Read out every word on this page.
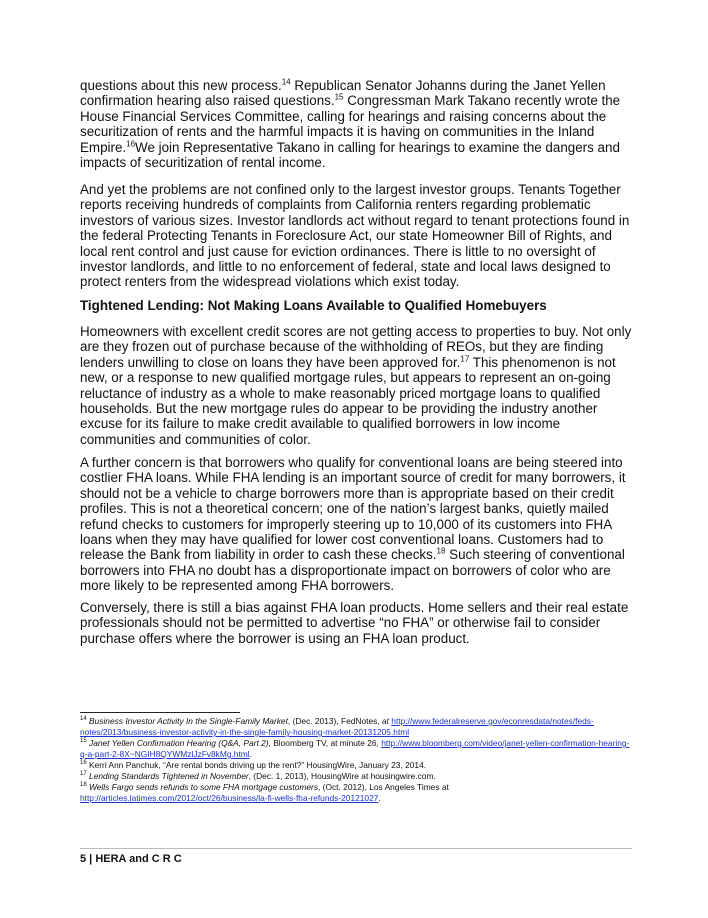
questions about this new process.$^{14}$ Republican Senator Johanns during the Janet Yellen confirmation hearing also raised questions.$^{15}$ Congressman Mark Takano recently wrote the House Financial Services Committee, calling for hearings and raising concerns about the securitization of rents and the harmful impacts it is having on communities in the Inland Empire.$^{16}$We join Representative Takano in calling for hearings to examine the dangers and impacts of securitization of rental income.

And yet the problems are not confined only to the largest investor groups. Tenants Together reports receiving hundreds of complaints from California renters regarding problematic investors of various sizes. Investor landlords act without regard to tenant protections found in the federal Protecting Tenants in Foreclosure Act, our state Homeowner Bill of Rights, and local rent control and just cause for eviction ordinances. There is little to no oversight of investor landlords, and little to no enforcement of federal, state and local laws designed to protect renters from the widespread violations which exist today.

Tightened Lending: Not Making Loans Available to Qualified Homebuyers

Homeowners with excellent credit scores are not getting access to properties to buy. Not only are they frozen out of purchase because of the withholding of REOs, but they are finding lenders unwilling to close on loans they have been approved for.$^{17}$ This phenomenon is not new, or a response to new qualified mortgage rules, but appears to represent an on-going reluctance of industry as a whole to make reasonably priced mortgage loans to qualified households. But the new mortgage rules do appear to be providing the industry another excuse for its failure to make credit available to qualified borrowers in low income communities and communities of color.

A further concern is that borrowers who qualify for conventional loans are being steered into costlier FHA loans. While FHA lending is an important source of credit for many borrowers, it should not be a vehicle to charge borrowers more than is appropriate based on their credit profiles. This is not a theoretical concern; one of the nation’s largest banks, quietly mailed refund checks to customers for improperly steering up to 10,000 of its customers into FHA loans when they may have qualified for lower cost conventional loans. Customers had to release the Bank from liability in order to cash these checks.$^{18}$ Such steering of conventional borrowers into FHA no doubt has a disproportionate impact on borrowers of color who are more likely to be represented among FHA borrowers.

Conversely, there is still a bias against FHA loan products. Home sellers and their real estate professionals should not be permitted to advertise “no FHA” or otherwise fail to consider purchase offers where the borrower is using an FHA loan product.

$^{14}$ Business Investor Activity In the Single-Family Market, (Dec. 2013), FedNotes, at http://www.federalreserve.gov/econresdata/notes/feds-notes/2013/business-investor-activity-in-the-single-family-housing-market-20131205.html

$^{15}$ Janet Yellen Confirmation Hearing (Q&A, Part 2), Bloomberg TV, at minute 26, http://www.bloomberg.com/video/janet-yellen-confirmation-hearing-q-a-part-2-8X~NGIH8QYWMzlJzFv8kMg.html.

$^{16}$ Kerri Ann Panchuk, “Are rental bonds driving up the rent?” HousingWire, January 23, 2014.

$^{17}$ Lending Standards Tightened in November, (Dec. 1, 2013), HousingWire at housingwire.com.

$^{18}$ Wells Fargo sends refunds to some FHA mortgage customers, (Oct. 2012), Los Angeles Times at
http://articles.latimes.com/2012/oct/26/business/la-fi-wells-fha-refunds-20121027.

5 | HERA and C R C
